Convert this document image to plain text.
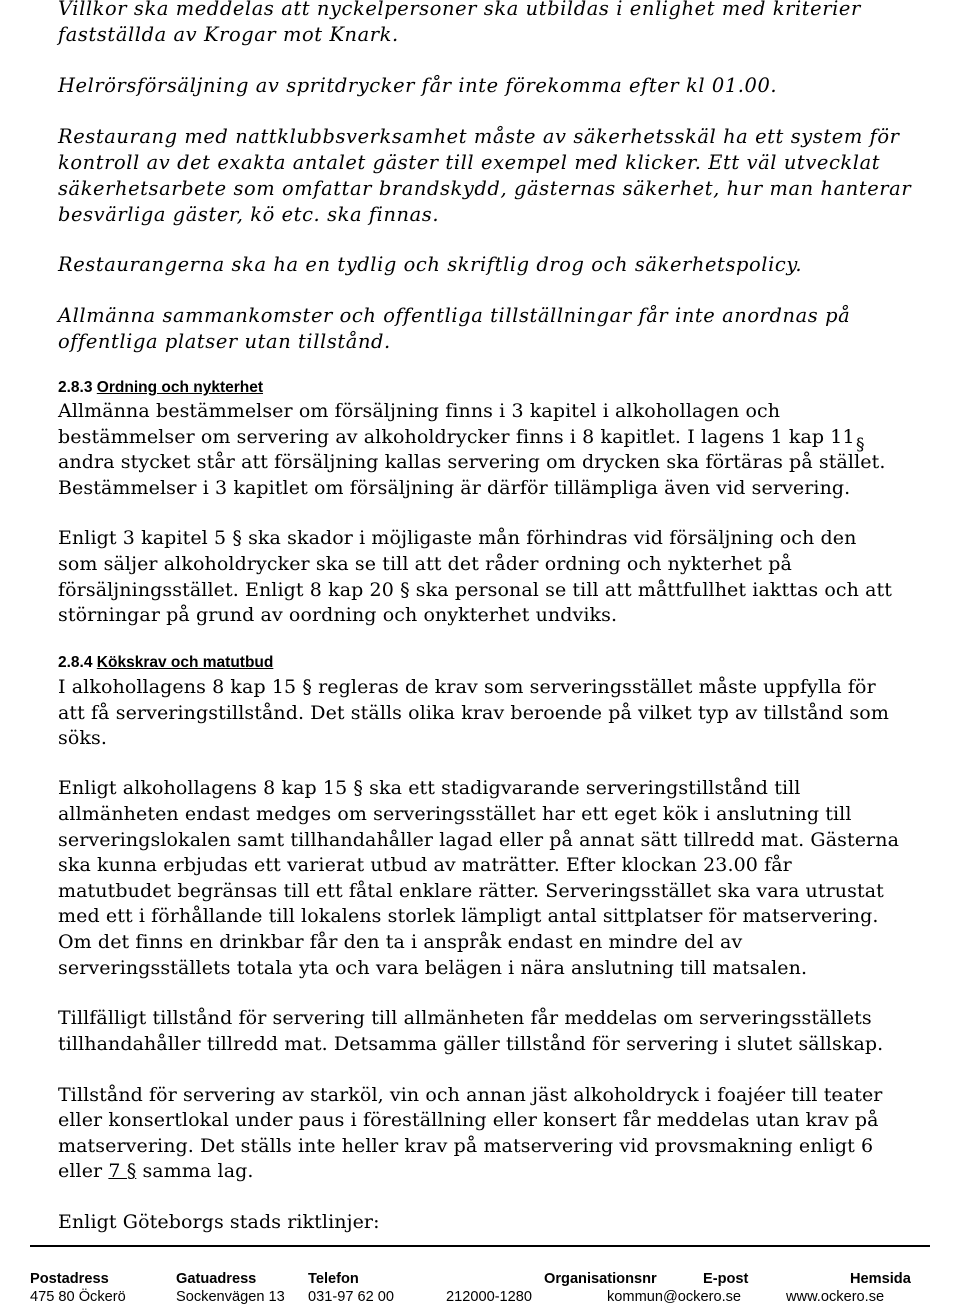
Villkor ska meddelas att nyckelpersoner ska utbildas i enlighet med kriterier

fastställda av Krogar mot Knark.

Helrörsförsäljning av spritdrycker får inte förekomma efter kl 01.00.

Restaurang med nattklubbsverksamhet måste av säkerhetsskäl ha ett system för

kontroll av det exakta antalet gäster till exempel med klicker. Ett väl utvecklat

säkerhetsarbete som omfattar brandskydd, gästernas säkerhet, hur man hanterar

besvärliga gäster, kö etc. ska finnas.

Restaurangerna ska ha en tydlig och skriftlig drog och säkerhetspolicy.

Allmänna sammankomster och offentliga tillställningar får inte anordnas på

offentliga platser utan tillstånd.

2.8.3 Ordning och nykterhet

Allmänna bestämmelser om försäljning finns i 3 kapitel i alkohollagen och

bestämmelser om servering av alkoholdrycker finns i 8 kapitlet. I lagens 1 kap 11 §

andra stycket står att försäljning kallas servering om drycken ska förtäras på stället.

Bestämmelser i 3 kapitlet om försäljning är därför tillämpliga även vid servering.

Enligt 3 kapitel 5 § ska skador i möjligaste mån förhindras vid försäljning och den

som säljer alkoholdrycker ska se till att det råder ordning och nykterhet på

försäljningsstället. Enligt 8 kap 20 § ska personal se till att måttfullhet iakttas och att

störningar på grund av oordning och onykterhet undviks.

2.8.4 Kökskrav och matutbud

I alkohollagens 8 kap 15 § regleras de krav som serveringsstället måste uppfylla för

att få serveringstillstånd. Det ställs olika krav beroende på vilket typ av tillstånd som

söks.

Enligt alkohollagens 8 kap 15 § ska ett stadigvarande serveringstillstånd till

allmänheten endast medges om serveringsstället har ett eget kök i anslutning till

serveringslokalen samt tillhandahåller lagad eller på annat sätt tillredd mat. Gästerna

ska kunna erbjudas ett varierat utbud av maträtter. Efter klockan 23.00 får

matutbudet begränsas till ett fåtal enklare rätter. Serveringsstället ska vara utrustat

med ett i förhållande till lokalens storlek lämpligt antal sittplatser för matservering.

Om det finns en drinkbar får den ta i anspråk endast en mindre del av

serveringsställets totala yta och vara belägen i nära anslutning till matsalen.

Tillfälligt tillstånd för servering till allmänheten får meddelas om serveringsställets

tillhandahåller tillredd mat. Detsamma gäller tillstånd för servering i slutet sällskap.

Tillstånd för servering av starköl, vin och annan jäst alkoholdryck i foajéer till teater

eller konsertlokal under paus i föreställning eller konsert får meddelas utan krav på

matservering. Det ställs inte heller krav på matservering vid provsmakning enligt 6

eller 7 § samma lag.

Enligt Göteborgs stads riktlinjer:

Postadress
475 80 Öckerö
Gatuadress
Sockenvägen 13
Telefon
031-97 62 00
Organisationsnr
212000-1280
E-post
kommun@ockero.se
Hemsida
www.ockero.se
